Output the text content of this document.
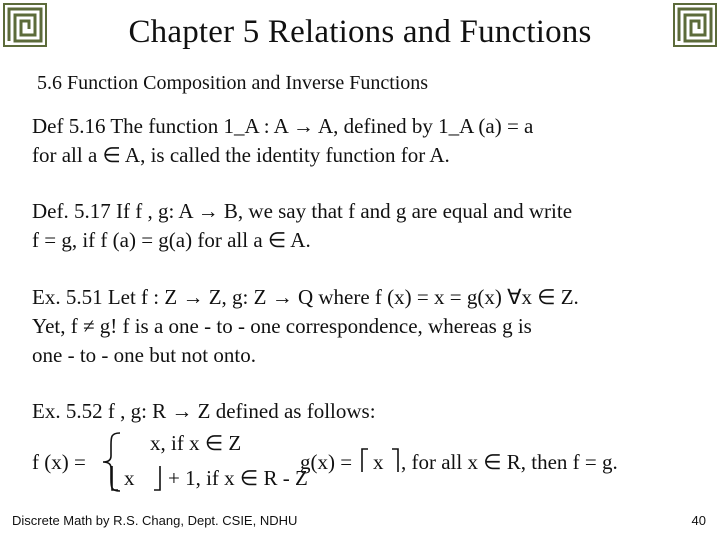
Chapter 5 Relations and Functions
5.6 Function Composition and Inverse Functions
Def 5.16 The function 1_A : A → A, defined by 1_A (a) = a
for all a ∈ A, is called the identity function for A.
Def. 5.17 If f , g: A → B, we say that f and g are equal and write
f = g, if f (a) = g(a) for all a ∈ A.
Ex. 5.51 Let f : Z → Z, g: Z → Q where f (x) = x = g(x) ∀x ∈ Z.
Yet, f ≠ g! f is a one - to - one correspondence, whereas g is
one - to - one but not onto.
Ex. 5.52 f , g: R → Z defined as follows:
f (x) =
x, if x ∈ Z
x + 1, if x ∈ R - Z
g(x) = x , for all x ∈ R, then f = g.
Discrete Math by R.S. Chang, Dept. CSIE, NDHU	40
